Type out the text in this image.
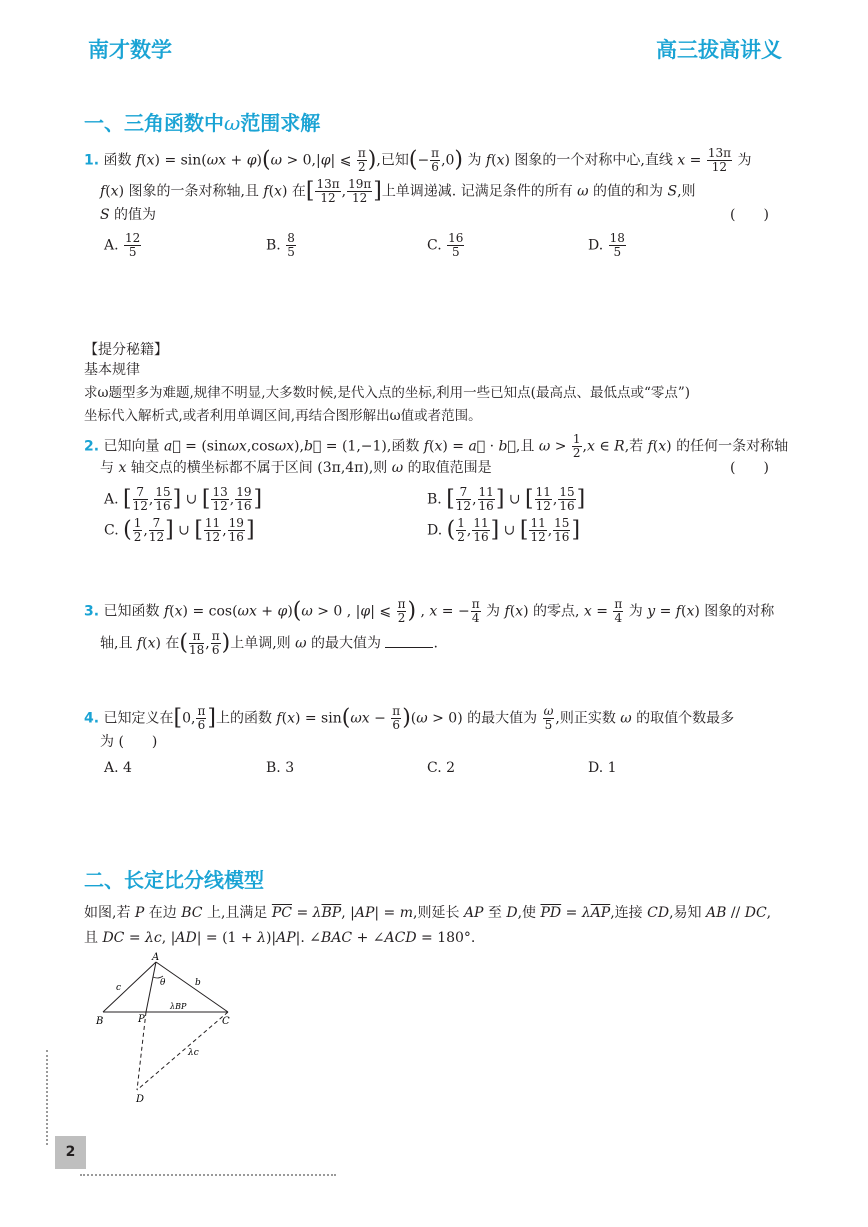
南才数学	高三拔高讲义
一、三角函数中ω范围求解
1. 函数 f(x) = sin(ωx + φ)(ω > 0,|φ| ⩽ $\frac{\pi}{2}$ ),已知(− $\frac{\pi}{6} ,0$) 为 f(x) 图象的一个对称中心,直线 $x = \frac{13\pi}{12}$ 为
f(x) 图象的一条对称轴,且 f(x) 在[ $\frac{13\pi}{12}$ , $\frac{19\pi}{12}$ ]上单调递减. 记满足条件的所有 ω 的值的和为 S,则
S 的值为	(　　)
A. $\frac{12}{5}$	B. $\frac{8}{5}$	C. $\frac{16}{5}$	D. $\frac{18}{5}$
【提分秘籍】
基本规律
求ω题型多为难题,规律不明显,大多数时候,是代入点的坐标,利用一些已知点(最高点、最低点或“零点”)
坐标代入解析式,或者利用单调区间,再结合图形解出ω值或者范围。
2. 已知向量 a⃗ = (sinωx,cosωx),b⃗ = (1,−1),函数 f(x) = a⃗ · b⃗,且 $\omega > \frac{1}{2} ,x$ ∈ R,若 f(x) 的任何一条对称轴
与 x 轴交点的横坐标都不属于区间 (3π,4π),则 ω 的取值范围是	(　　)
A. [ $\frac{7}{12}$ , $\frac{15}{16}$ ] ∪ [ $\frac{13}{12}$ , $\frac{19}{16}$ ]	B. [ $\frac{7}{12}$ , $\frac{11}{16}$ ] ∪ [ $\frac{11}{12}$ , $\frac{15}{16}$ ]
C. ( $\frac{1}{2}$ , $\frac{7}{12}$ ] ∪ [ $\frac{11}{12}$ , $\frac{19}{16}$ ]	D. ( $\frac{1}{2}$ , $\frac{11}{16}$ ] ∪ [ $\frac{11}{12}$ , $\frac{15}{16}$ ]
3. 已知函数 f(x) = cos(ωx + φ)(ω > 0 , |φ| ⩽ $\frac{\pi}{2}$ ) , x = − $\frac{\pi}{4}$ 为 f(x) 的零点, $x = \frac{\pi}{4}$ 为 y = f(x) 图象的对称
轴,且 f(x) 在( $\frac{\pi}{18}$ , $\frac{\pi}{6}$ )上单调,则 ω 的最大值为	.
4. 已知定义在[0, $\frac{\pi}{6}$ ]上的函数 $f(x) = \sin(\omega x - \frac{\pi}{6} )(\omega > 0)$ 的最大值为 $\frac{\omega}{5}$ ,则正实数 ω 的取值个数最多
为 (　　)
A. 4	B. 3	C. 2	D. 1
二、长定比分线模型
如图,若 P 在边 BC 上,且满足 $\overline{PC} = \lambda\overline{BP}$, |AP| = m,则延长 AP 至 D,使 $\overline{PD} = \lambda\overline{AP}$,连接 CD,易知 AB // DC,
且 DC = λc, |AD| = (1 + λ)|AP|. ∠BAC + ∠ACD = 180°.
A
B	C
P
D
c	b
θ
λBP
λc
2
